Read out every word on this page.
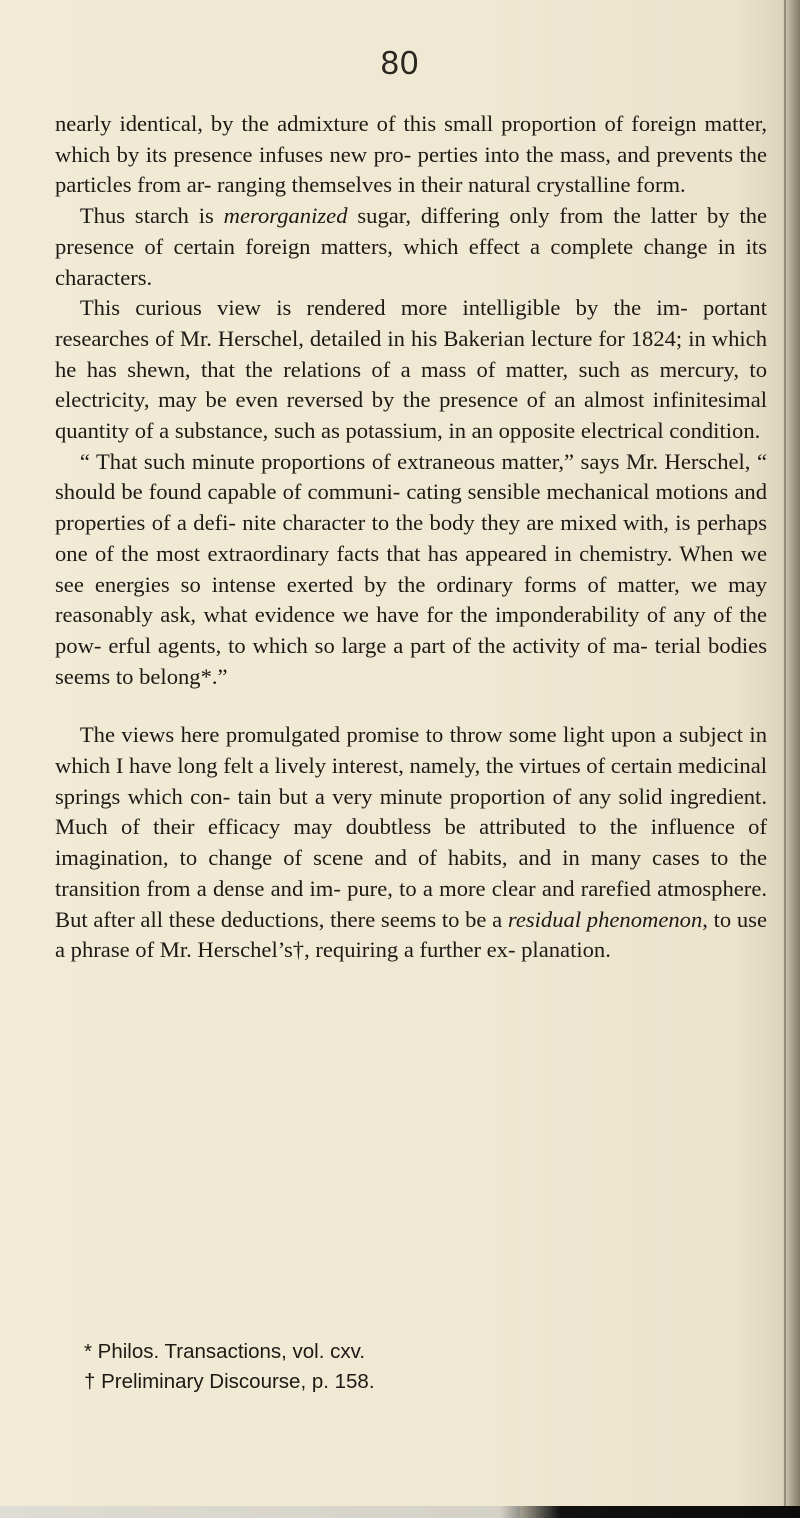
80

nearly identical, by the admixture of this small proportion of foreign matter, which by its presence infuses new pro- perties into the mass, and prevents the particles from ar- ranging themselves in their natural crystalline form.

Thus starch is merorganized sugar, differing only from the latter by the presence of certain foreign matters, which effect a complete change in its characters.

This curious view is rendered more intelligible by the im- portant researches of Mr. Herschel, detailed in his Bakerian lecture for 1824; in which he has shewn, that the relations of a mass of matter, such as mercury, to electricity, may be even reversed by the presence of an almost infinitesimal quantity of a substance, such as potassium, in an opposite electrical condition.

“ That such minute proportions of extraneous matter,” says Mr. Herschel, “ should be found capable of communi- cating sensible mechanical motions and properties of a defi- nite character to the body they are mixed with, is perhaps one of the most extraordinary facts that has appeared in chemistry. When we see energies so intense exerted by the ordinary forms of matter, we may reasonably ask, what evidence we have for the imponderability of any of the pow- erful agents, to which so large a part of the activity of ma- terial bodies seems to belong*.”

The views here promulgated promise to throw some light upon a subject in which I have long felt a lively interest, namely, the virtues of certain medicinal springs which con- tain but a very minute proportion of any solid ingredient. Much of their efficacy may doubtless be attributed to the influence of imagination, to change of scene and of habits, and in many cases to the transition from a dense and im- pure, to a more clear and rarefied atmosphere. But after all these deductions, there seems to be a residual phenomenon, to use a phrase of Mr. Herschel’s†, requiring a further ex- planation.

* Philos. Transactions, vol. cxv.

† Preliminary Discourse, p. 158.
